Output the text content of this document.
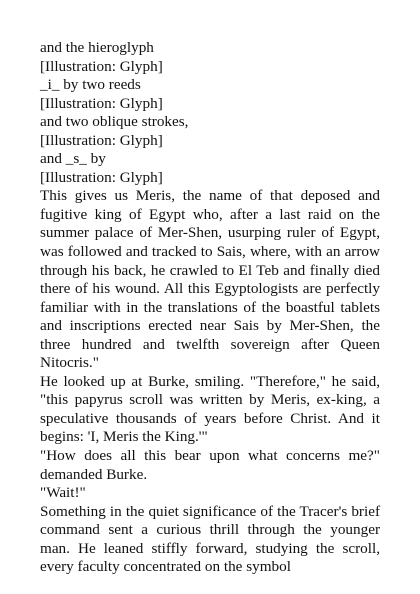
and the hieroglyph
[Illustration: Glyph]
_i_ by two reeds
[Illustration: Glyph]
and two oblique strokes,
[Illustration: Glyph]
and _s_ by
[Illustration: Glyph]

This gives us Meris, the name of that deposed and fugitive king of Egypt who, after a last raid on the summer palace of Mer-Shen, usurping ruler of Egypt, was followed and tracked to Sais, where, with an arrow through his back, he crawled to El Teb and finally died there of his wound. All this Egyptologists are perfectly familiar with in the translations of the boastful tablets and inscriptions erected near Sais by Mer-Shen, the three hundred and twelfth sovereign after Queen Nitocris."

He looked up at Burke, smiling. "Therefore," he said, "this papyrus scroll was written by Meris, ex-king, a speculative thousands of years before Christ. And it begins: 'I, Meris the King.'"

"How does all this bear upon what concerns me?" demanded Burke.

"Wait!"

Something in the quiet significance of the Tracer's brief command sent a curious thrill through the younger man. He leaned stiffly forward, studying the scroll, every faculty concentrated on the symbol
